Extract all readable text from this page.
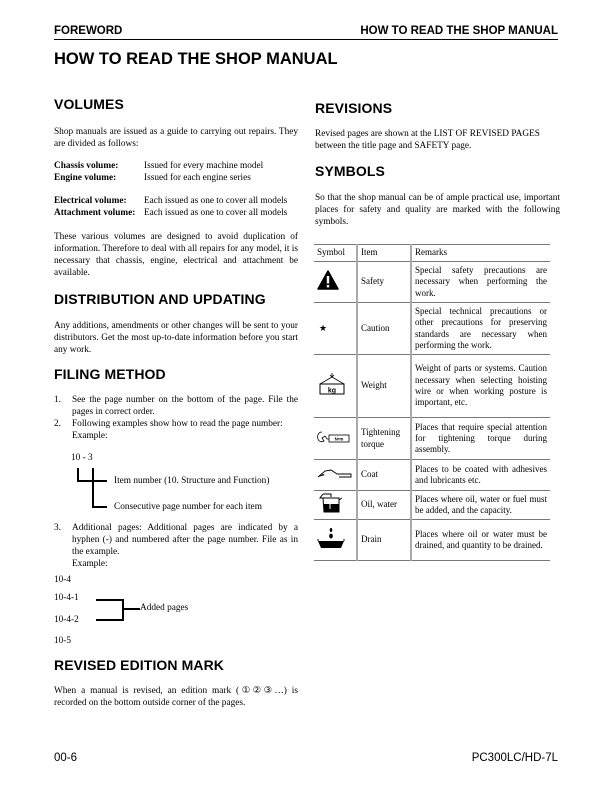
FOREWORD	HOW TO READ THE SHOP MANUAL
HOW TO READ THE SHOP MANUAL
VOLUMES
Shop manuals are issued as a guide to carrying out repairs. They are divided as follows:
Chassis volume:	Issued for every machine model
Engine volume:	Issued for each engine series
Electrical volume: Each issued as one to cover all models
Attachment volume: Each issued as one to cover all models
These various volumes are designed to avoid duplication of information. Therefore to deal with all repairs for any model, it is necessary that chassis, engine, electrical and attachment be available.
DISTRIBUTION AND UPDATING
Any additions, amendments or other changes will be sent to your distributors. Get the most up-to-date information before you start any work.
FILING METHOD
1. See the page number on the bottom of the page. File the pages in correct order.
2. Following examples show how to read the page number:
Example:
10 - 3
Item number (10. Structure and Function)
Consecutive page number for each item
3. Additional pages: Additional pages are indicated by a hyphen (-) and numbered after the page number. File as in the example.
Example:
10-4
10-4-1
10-4-2
10-5
Added pages
REVISED EDITION MARK
When a manual is revised, an edition mark (①②③…) is recorded on the bottom outside corner of the pages.
REVISIONS
Revised pages are shown at the LIST OF REVISED PAGES between the title page and SAFETY page.
SYMBOLS
So that the shop manual can be of ample practical use, important places for safety and quality are marked with the following symbols.
Symbol	Item	Remarks
	Safety	Special safety precautions are necessary when performing the work.
★	Caution	Special technical precautions or other precautions for preserving standards are necessary when performing the work.

kg	Weight	Weight of parts or systems. Caution necessary when selecting hoisting wire or when working posture is important, etc.

N•m	Tightening torque	Places that require special attention for tightening torque during assembly.
	Coat	Places to be coated with adhesives and lubricants etc.
	Oil, water	Places where oil, water or fuel must be added, and the capacity.
	Drain	Places where oil or water must be drained, and quantity to be drained.
00-6	PC300LC/HD-7L
